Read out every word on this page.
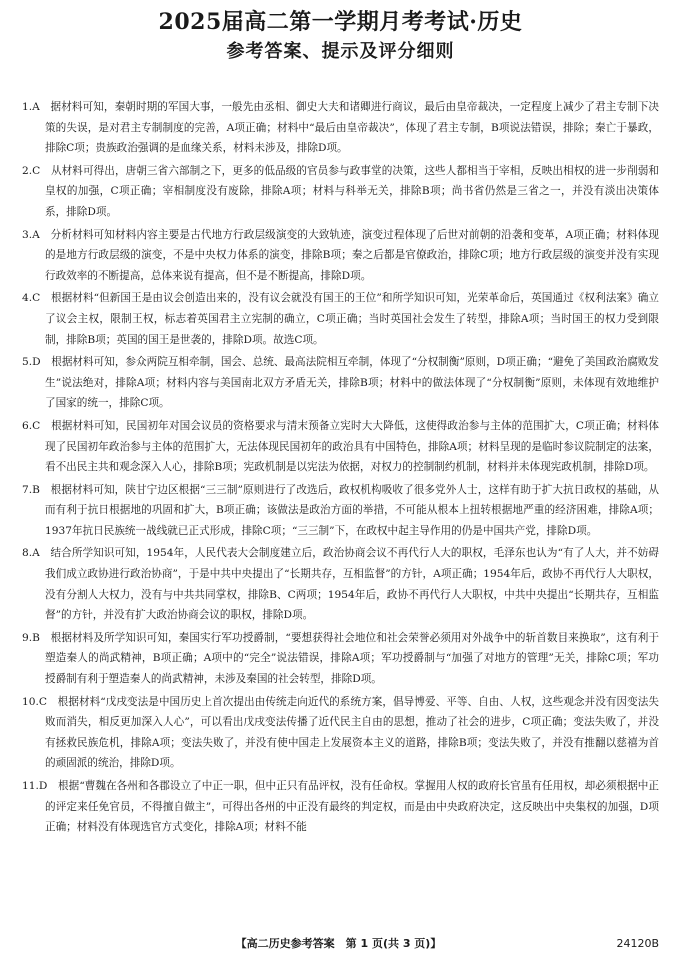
2025届高二第一学期月考考试·历史
参考答案、提示及评分细则
1.A　 据材料可知，秦朝时期的军国大事，一般先由丞相、御史大夫和诸卿进行商议，最后由皇帝裁决，一定程度上减少了君主专制下决策的失误，是对君主专制制度的完善，A项正确；材料中“最后由皇帝裁决”，体现了君主专制，B项说法错误，排除；秦亡于暴政，排除C项；贵族政治强调的是血缘关系，材料未涉及，排除D项。
2.C　 从材料可得出，唐朝三省六部制之下，更多的低品级的官员参与政事堂的决策，这些人都相当于宰相，反映出相权的进一步削弱和皇权的加强，C项正确；宰相制度没有废除，排除A项；材料与科举无关，排除B项；尚书省仍然是三省之一，并没有淡出决策体系，排除D项。
3.A　 分析材料可知材料内容主要是古代地方行政层级演变的大致轨迹，演变过程体现了后世对前朝的沿袭和变革，A项正确；材料体现的是地方行政层级的演变，不是中央权力体系的演变，排除B项；秦之后都是官僚政治，排除C项；地方行政层级的演变并没有实现行政效率的不断提高，总体来说有提高，但不是不断提高，排除D项。
4.C　 根据材料“但新国王是由议会创造出来的，没有议会就没有国王的王位”和所学知识可知，光荣革命后，英国通过《权利法案》确立了议会主权，限制王权，标志着英国君主立宪制的确立，C项正确；当时英国社会发生了转型，排除A项；当时国王的权力受到限制，排除B项；英国的国王是世袭的，排除D项。故选C项。
5.D　 根据材料可知，参众两院互相牵制，国会、总统、最高法院相互牵制，体现了“分权制衡”原则，D项正确；“避免了美国政治腐败发生”说法绝对，排除A项；材料内容与美国南北双方矛盾无关，排除B项；材料中的做法体现了“分权制衡”原则，未体现有效地维护了国家的统一，排除C项。
6.C　 根据材料可知，民国初年对国会议员的资格要求与清末预备立宪时大大降低，这使得政治参与主体的范围扩大，C项正确；材料体现了民国初年政治参与主体的范围扩大，无法体现民国初年的政治具有中国特色，排除A项；材料呈现的是临时参议院制定的法案，看不出民主共和观念深入人心，排除B项；宪政机制是以宪法为依据，对权力的控制制约机制，材料并未体现宪政机制，排除D项。
7.B　 根据材料可知，陕甘宁边区根据“三三制”原则进行了改选后，政权机构吸收了很多党外人士，这样有助于扩大抗日政权的基础，从而有利于抗日根据地的巩固和扩大，B项正确；该做法是政治方面的举措，不可能从根本上扭转根据地严重的经济困难，排除A项；1937年抗日民族统一战线就已正式形成，排除C项；“三三制”下，在政权中起主导作用的仍是中国共产党，排除D项。
8.A　 结合所学知识可知，1954年，人民代表大会制度建立后，政治协商会议不再代行人大的职权，毛泽东也认为“有了人大，并不妨碍我们成立政协进行政治协商”，于是中共中央提出了“长期共存，互相监督”的方针，A项正确；1954年后，政协不再代行人大职权，没有分割人大权力，没有与中共共同掌权，排除B、C两项；1954年后，政协不再代行人大职权，中共中央提出“长期共存，互相监督”的方针，并没有扩大政治协商会议的职权，排除D项。
9.B　 根据材料及所学知识可知，秦国实行军功授爵制，“要想获得社会地位和社会荣誉必须用对外战争中的斩首数目来换取”，这有利于塑造秦人的尚武精神，B项正确；A项中的“完全”说法错误，排除A项；军功授爵制与“加强了对地方的管理”无关，排除C项；军功授爵制有利于塑造秦人的尚武精神，未涉及秦国的社会转型，排除D项。
10.C　 根据材料“戊戌变法是中国历史上首次提出由传统走向近代的系统方案，倡导博爱、平等、自由、人权，这些观念并没有因变法失败而消失，相反更加深入人心”，可以看出戊戌变法传播了近代民主自由的思想，推动了社会的进步，C项正确；变法失败了，并没有拯救民族危机，排除A项；变法失败了，并没有使中国走上发展资本主义的道路，排除B项；变法失败了，并没有推翻以慈禧为首的顽固派的统治，排除D项。
11.D　 根据“曹魏在各州和各郡设立了中正一职，但中正只有品评权，没有任命权。掌握用人权的政府长官虽有任用权，却必须根据中正的评定来任免官员，不得擅自做主”，可得出各州的中正没有最终的判定权，而是由中央政府决定，这反映出中央集权的加强，D项正确；材料没有体现选官方式变化，排除A项；材料不能
【高二历史参考答案　第 1 页(共 3 页)】	24120B
